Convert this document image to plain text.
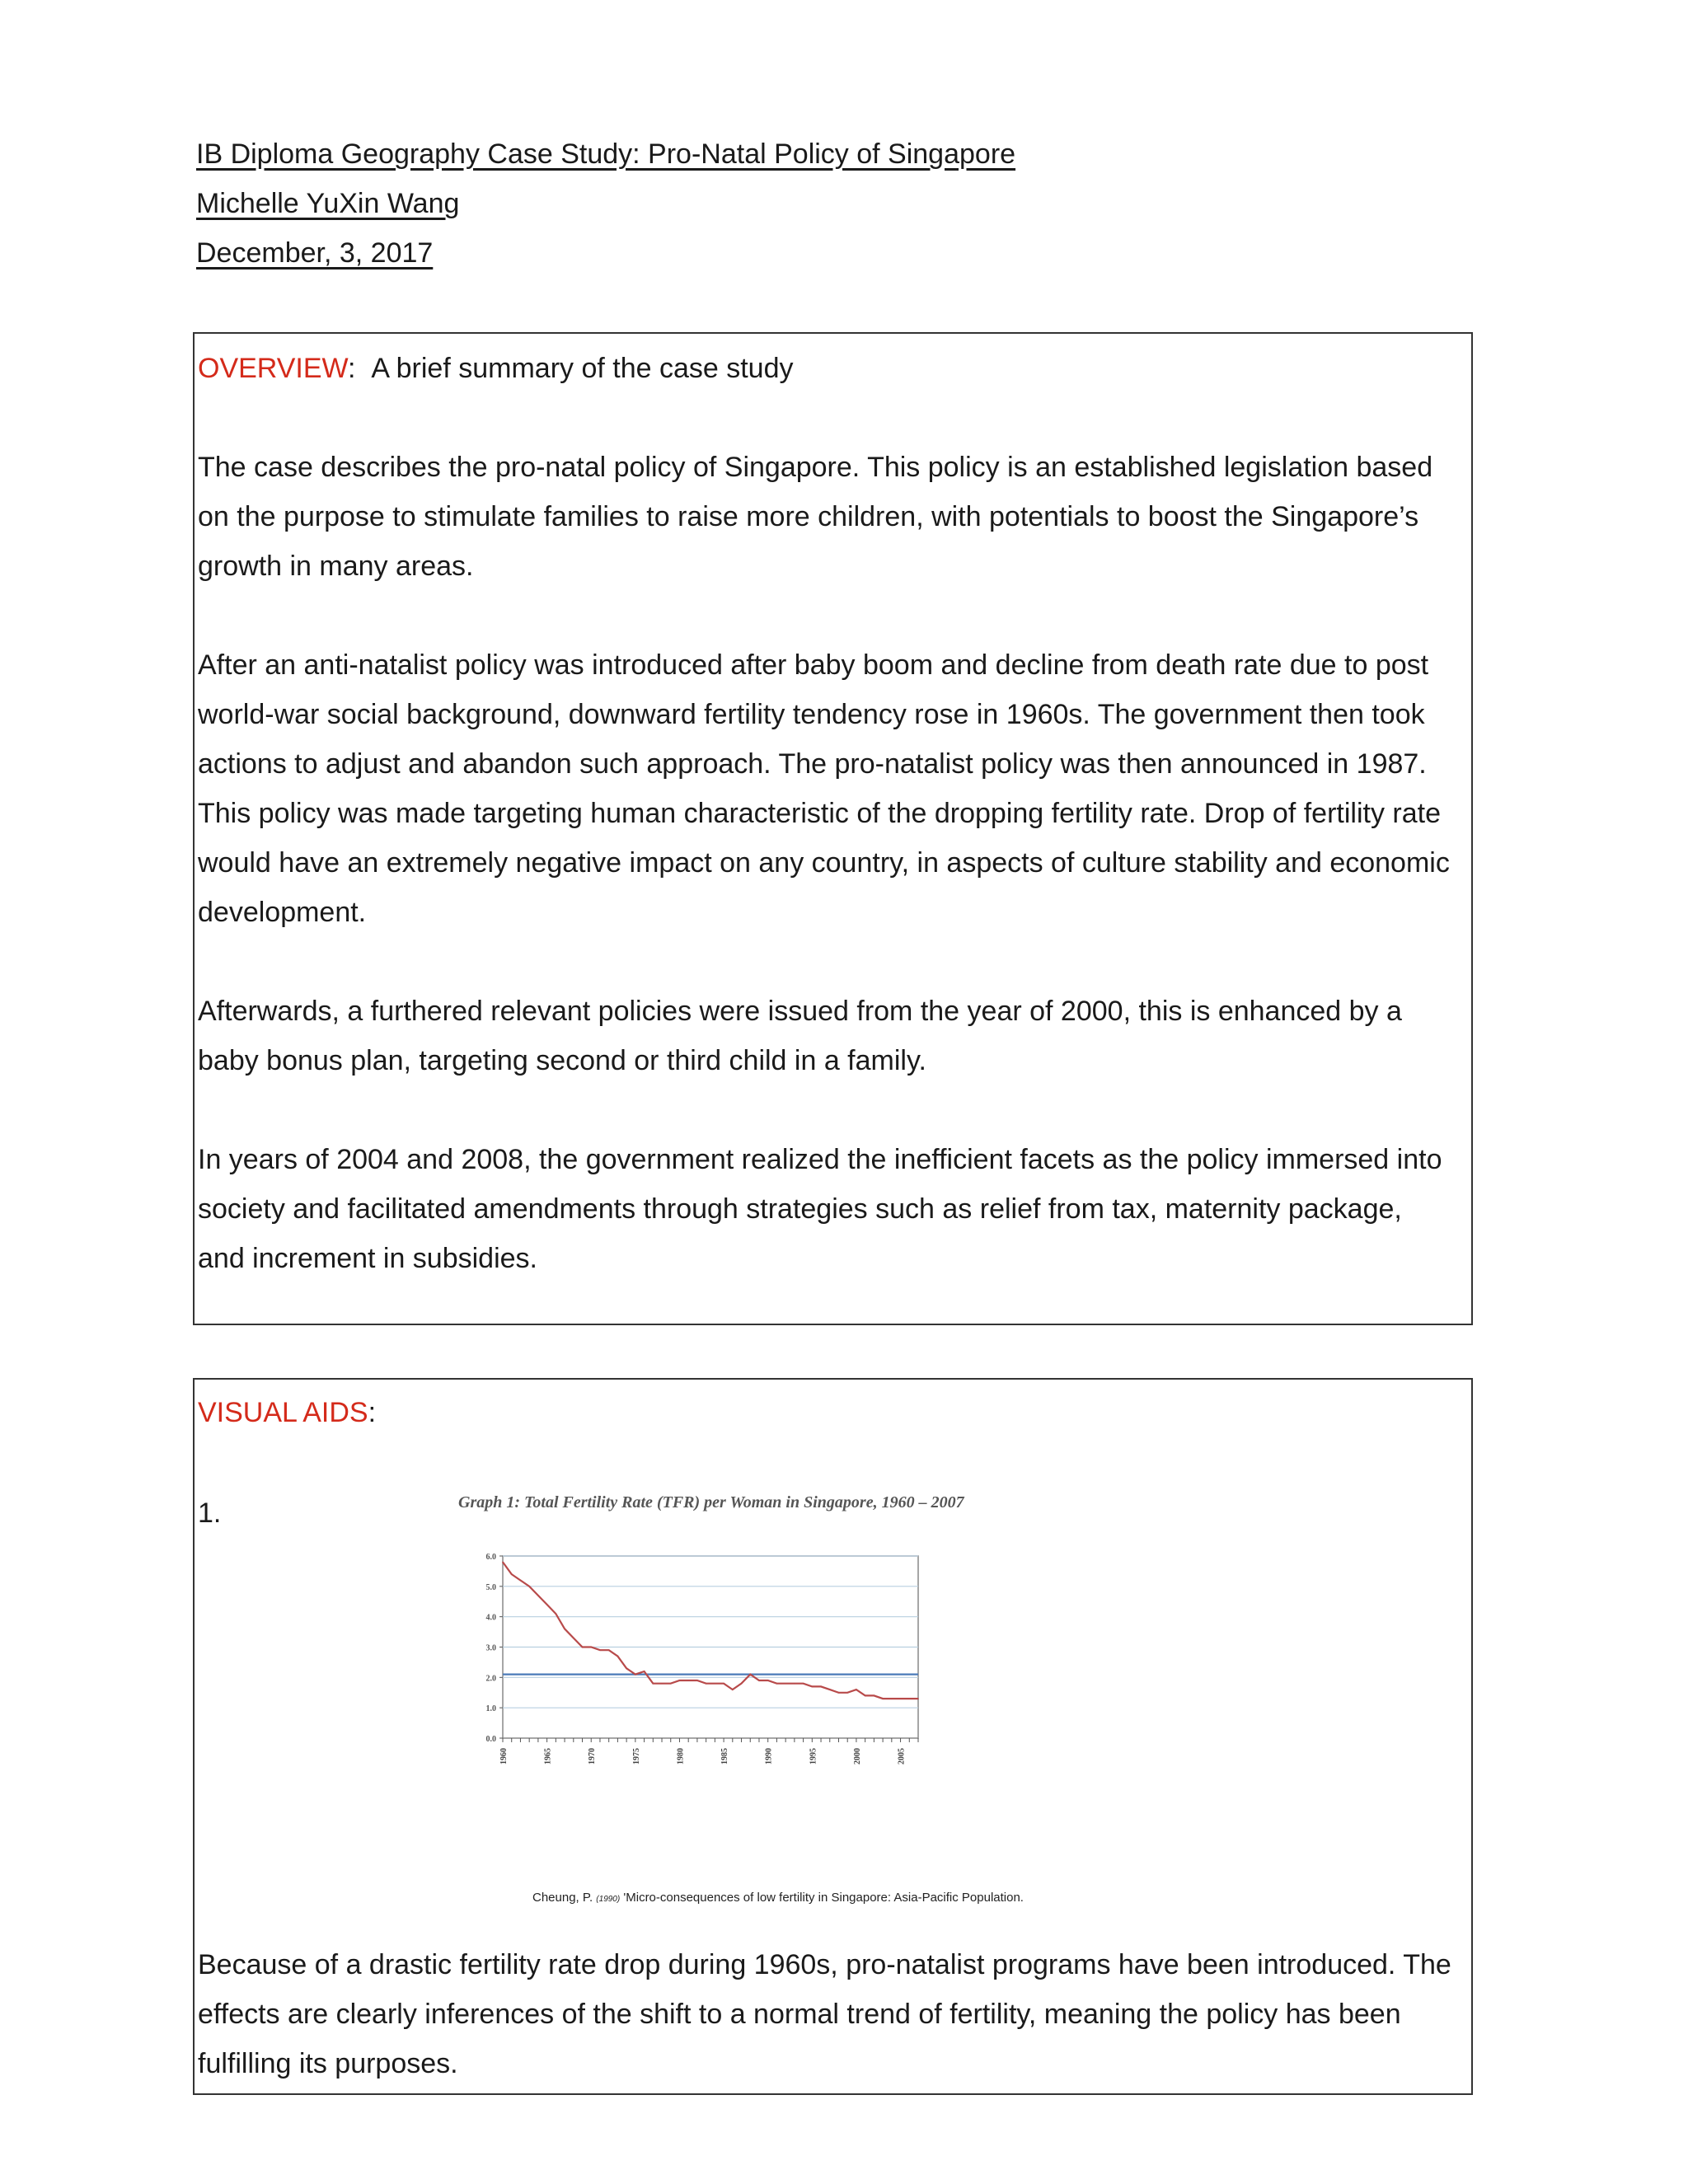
IB Diploma Geography Case Study: Pro-Natal Policy of Singapore
Michelle YuXin Wang
December, 3, 2017
OVERVIEW: A brief summary of the case study

The case describes the pro-natal policy of Singapore. This policy is an established legislation based on the purpose to stimulate families to raise more children, with potentials to boost the Singapore’s growth in many areas.

After an anti-natalist policy was introduced after baby boom and decline from death rate due to post world-war social background, downward fertility tendency rose in 1960s. The government then took actions to adjust and abandon such approach. The pro-natalist policy was then announced in 1987. This policy was made targeting human characteristic of the dropping fertility rate. Drop of fertility rate would have an extremely negative impact on any country, in aspects of culture stability and economic development.

Afterwards, a furthered relevant policies were issued from the year of 2000, this is enhanced by a baby bonus plan, targeting second or third child in a family.

In years of 2004 and 2008, the government realized the inefficient facets as the policy immersed into society and facilitated amendments through strategies such as relief from tax, maternity package, and increment in subsidies.

VISUAL AIDS:
1.	Graph 1: Total Fertility Rate (TFR) per Woman in Singapore, 1960 – 2007
0.0
1.0
2.0
3.0
4.0
5.0
6.0
1960	1965	1970	1975	1980	1985	1990	1995	2000	2005
Cheung, P. (1990) 'Micro-consequences of low fertility in Singapore: Asia-Pacific Population.

Because of a drastic fertility rate drop during 1960s, pro-natalist programs have been introduced. The effects are clearly inferences of the shift to a normal trend of fertility, meaning the policy has been fulfilling its purposes.
